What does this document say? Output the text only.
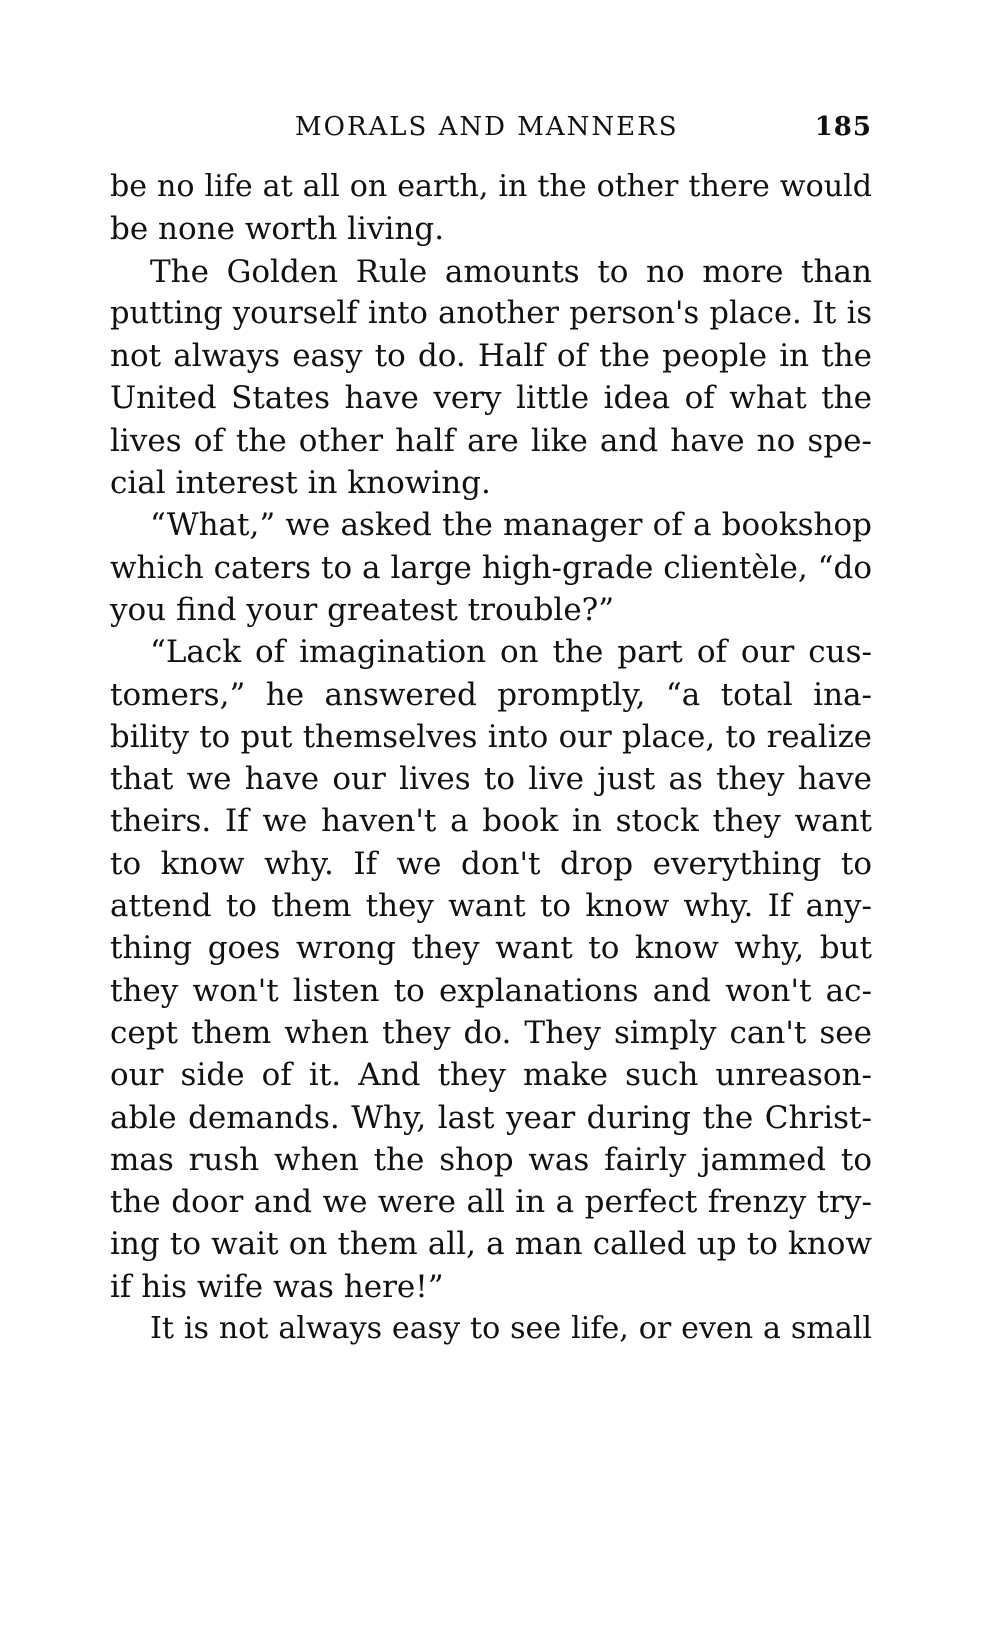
MORALS AND MANNERS	185
be no life at all on earth, in the other there would
be none worth living.
The Golden Rule amounts to no more than
putting yourself into another person's place. It is
not always easy to do. Half of the people in the
United States have very little idea of what the
lives of the other half are like and have no spe-
cial interest in knowing.
“What,” we asked the manager of a bookshop
which caters to a large high-grade clientèle, “do
you find your greatest trouble?”
“Lack of imagination on the part of our cus-
tomers,” he answered promptly, “a total ina-
bility to put themselves into our place, to realize
that we have our lives to live just as they have
theirs. If we haven't a book in stock they want
to know why. If we don't drop everything to
attend to them they want to know why. If any-
thing goes wrong they want to know why, but
they won't listen to explanations and won't ac-
cept them when they do. They simply can't see
our side of it. And they make such unreason-
able demands. Why, last year during the Christ-
mas rush when the shop was fairly jammed to
the door and we were all in a perfect frenzy try-
ing to wait on them all, a man called up to know
if his wife was here!”
It is not always easy to see life, or even a small
